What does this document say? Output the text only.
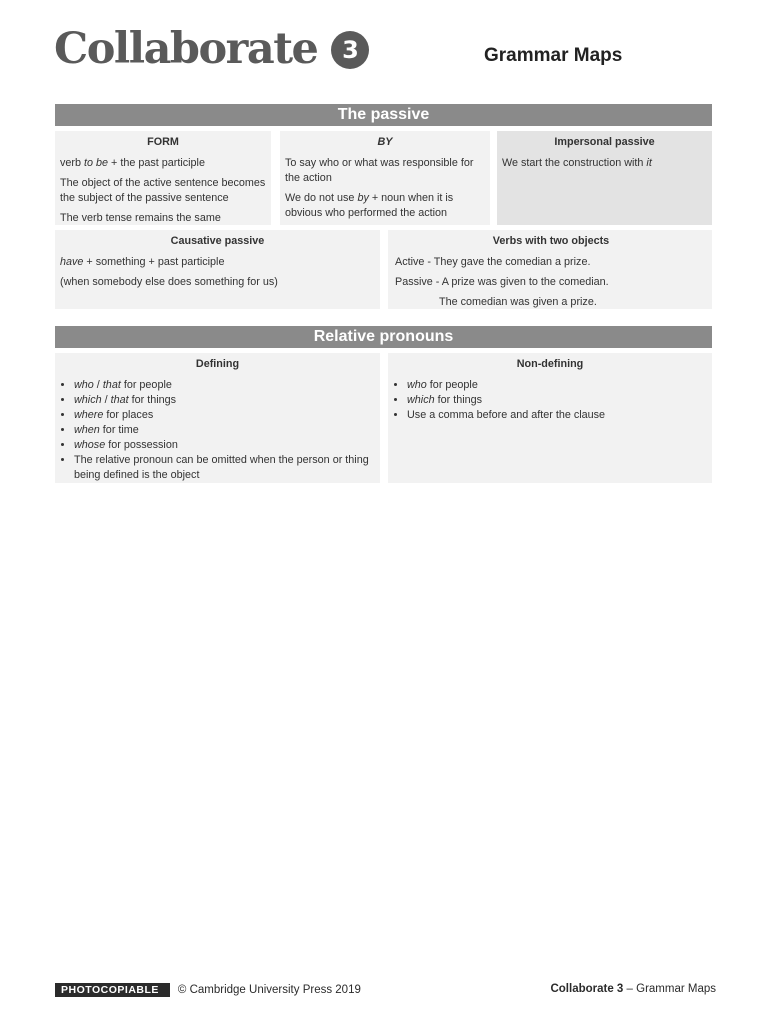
Collaborate	3	Grammar Maps
The passive
FORM

verb to be + the past participle

The object of the active sentence becomes the subject of the passive sentence

The verb tense remains the same

BY

To say who or what was responsible for the action

We do not use by + noun when it is obvious who performed the action

Impersonal passive

We start the construction with it

Causative passive

have + something + past participle

(when somebody else does something for us)

Verbs with two objects

Active - They gave the comedian a prize.

Passive - A prize was given to the comedian.

The comedian was given a prize.

Relative pronouns
Defining
• who / that for people
• which / that for things
• where for places
• when for time
• whose for possession
• The relative pronoun can be omitted when the person or thing being defined is the object
Non-defining
• who for people
• which for things
• Use a comma before and after the clause
PHOTOCOPIABLE	© Cambridge University Press 2019	Collaborate 3 – Grammar Maps
